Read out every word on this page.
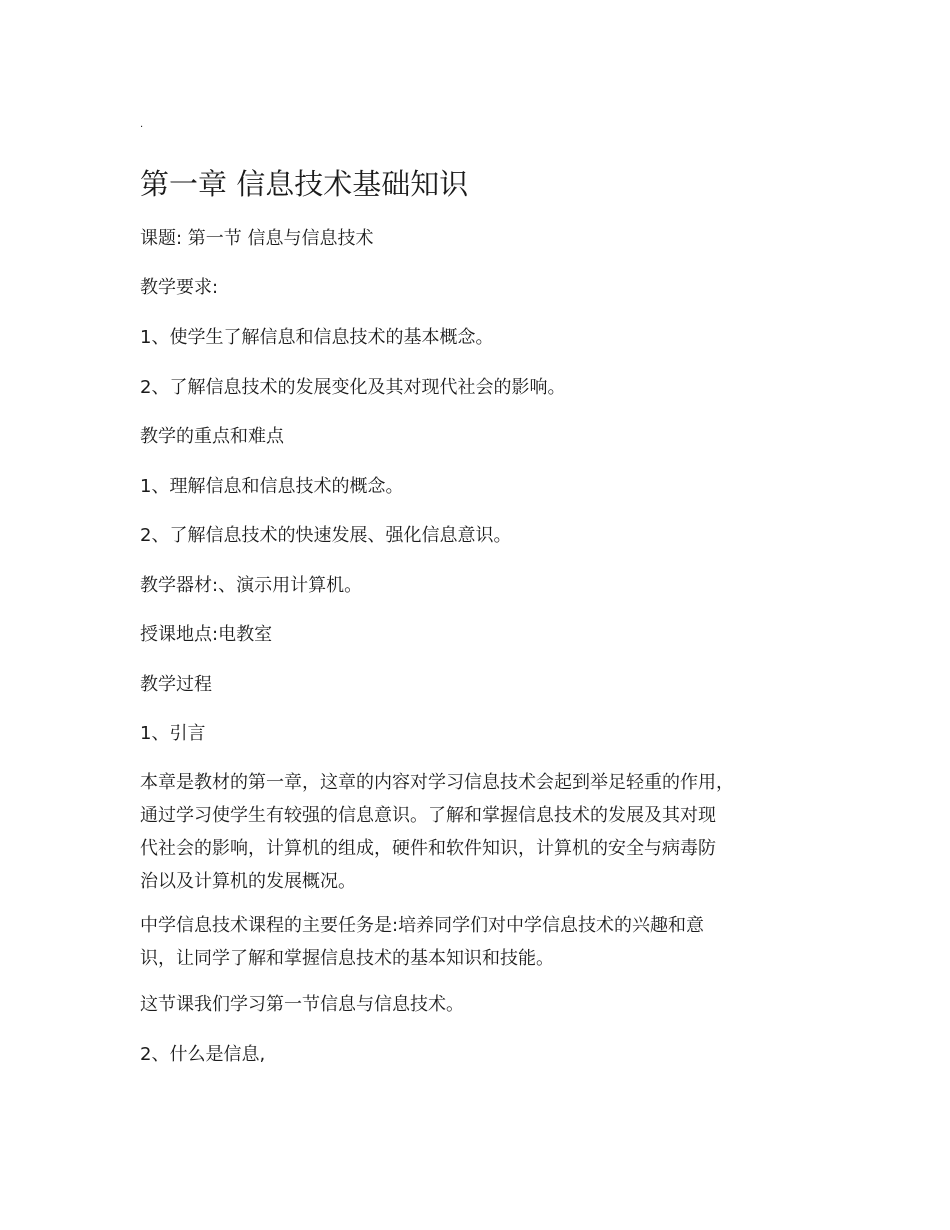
.
第一章 信息技术基础知识

课题: 第一节 信息与信息技术

教学要求:

1、使学生了解信息和信息技术的基本概念。

2、了解信息技术的发展变化及其对现代社会的影响。

教学的重点和难点

1、理解信息和信息技术的概念。

2、了解信息技术的快速发展、强化信息意识。

教学器材:、演示用计算机。

授课地点:电教室

教学过程

1、引言

本章是教材的第一章，这章的内容对学习信息技术会起到举足轻重的作用，
通过学习使学生有较强的信息意识。了解和掌握信息技术的发展及其对现
代社会的影响，计算机的组成，硬件和软件知识，计算机的安全与病毒防
治以及计算机的发展概况。
中学信息技术课程的主要任务是:培养同学们对中学信息技术的兴趣和意
识，让同学了解和掌握信息技术的基本知识和技能。

这节课我们学习第一节信息与信息技术。

2、什么是信息,
